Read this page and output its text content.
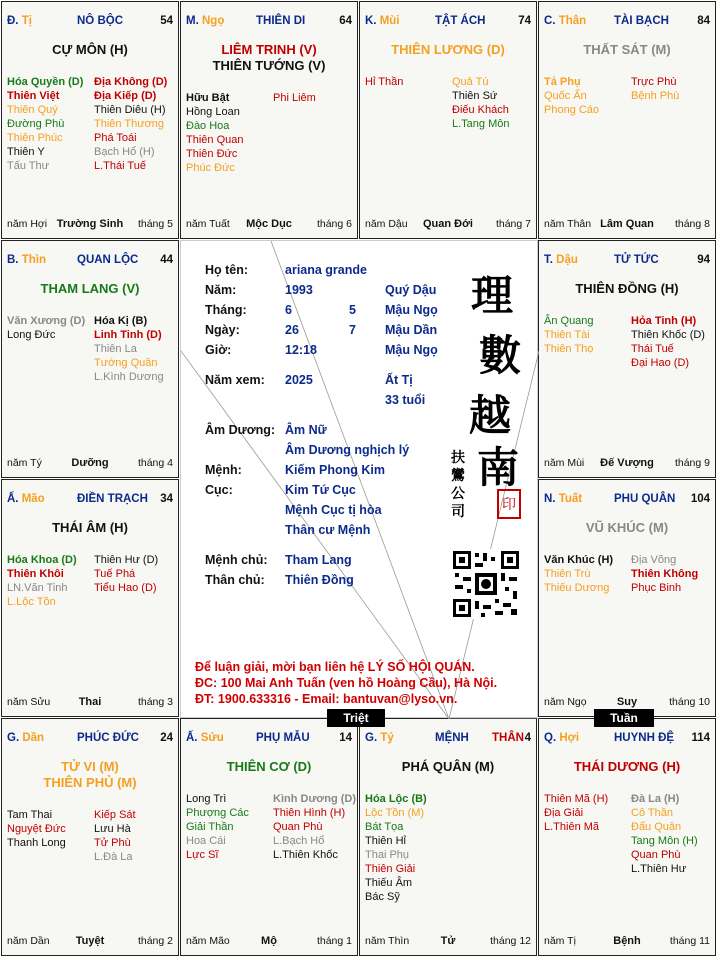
Đ. Tị	NÔ BỘC	54
CỰ MÔN (H)
Hóa Quyền (D)
Thiên Việt
Thiên Quý
Đường Phù
Thiên Phúc
Thiên Y
Tấu Thư
Địa Không (D)
Địa Kiếp (D)
Thiên Diêu (H)
Thiên Thương
Phá Toái
Bạch Hổ (H)
L.Thái Tuế
năm Hợi Trường Sinh	tháng 5
M. Ngọ	THIÊN DI	64
LIÊM TRINH (V)
THIÊN TƯỚNG (V)
Hữu Bật
Hồng Loan
Đào Hoa
Thiên Quan
Thiên Đức
Phúc Đức
Phi Liêm
năm Tuất	Mộc Dục	tháng 6
K. Mùi	TẬT ÁCH	74
THIÊN LƯƠNG (D)
Hỉ Thần	Quả Tú
Thiên Sứ
Điếu Khách
L.Tang Môn
năm Dậu	Quan Đới	tháng 7
C. Thân TÀI BẠCH 84
THẤT SÁT (M)
Tả Phụ
Quốc Ấn
Phong Cáo
Trực Phù
Bệnh Phù
năm Thân Lâm Quan	tháng 8
B. Thìn	QUAN LỘC 44
THAM LANG (V)
Văn Xương (D)
Long Đức
Hóa Kị (B)
Linh Tinh (D)
Thiên La
Tướng Quân
L.Kình Dương
năm Tý	Dưỡng	tháng 4
T. Dậu	TỬ TỨC	94
THIÊN ĐỒNG (H)
Ân Quang
Thiên Tài
Thiên Thọ
Hỏa Tinh (H)
Thiên Khốc (D)
Thái Tuế
Đại Hao (D)
năm Mùi	Đế Vượng	tháng 9
Ấ. Mão	ĐIỀN TRẠCH 34
THÁI ÂM (H)
Hóa Khoa (D)
Thiên Khôi
LN.Văn Tinh
L.Lộc Tồn
Thiên Hư (D)
Tuế Phá
Tiểu Hao (D)
năm Sửu	Thai	tháng 3
N. Tuất	PHU QUÂN 104
VŨ KHÚC (M)
Văn Khúc (H)
Thiên Trù
Thiếu Dương
Địa Võng
Thiên Không
Phục Binh
năm Ngọ	Suy	tháng 10
G. Dần	PHÚC ĐỨC 24
TỬ VI (M)
THIÊN PHỦ (M)
Tam Thai
Nguyệt Đức
Thanh Long
Kiếp Sát
Lưu Hà
Tử Phù
L.Đà La
năm Dần	Tuyệt	tháng 2
Ấ. Sửu	PHỤ MẪU	14
THIÊN CƠ (D)
Long Trì
Phượng Các
Giải Thần
Hoa Cái
Lực Sĩ
Kình Dương (D)
Thiên Hình (H)
Quan Phù
L.Bạch Hổ
L.Thiên Khốc
năm Mão	Mộ	tháng 1
G. Tý	MỆNH THÂN 4
PHÁ QUÂN (M)
Hóa Lộc (B)
Lộc Tồn (M)
Bát Tọa
Thiên Hỉ
Thai Phụ
Thiên Giải
Thiếu Âm
Bác Sỹ
năm Thìn	Tử	tháng 12
Q. Hợi	HUYNH ĐỆ 114
THÁI DƯƠNG (H)
Thiên Mã (H)
Địa Giải
L.Thiên Mã
Đà La (H)
Cô Thần
Đẩu Quân
Tang Môn (H)
Quan Phù
L.Thiên Hư
năm Tị	Bệnh	tháng 11
Họ tên:	ariana grande
Năm:	1993	Quý Dậu
Tháng:	6	5 Mậu Ngọ
Ngày:	26	7 Mậu Dần
Giờ:	12:18	Mậu Ngọ
Năm xem: 2025	Ất Tị
33 tuổi
Âm Dương: Âm Nữ
Âm Dương nghịch lý
Mệnh:	Kiếm Phong Kim
Cục:	Kim Tứ Cục
Mệnh Cục tị hòa
Thân cư Mệnh
Mệnh chủ: Tham Lang
Thân chủ: Thiên Đồng
理
數
越
南
扶
鸞
公
司	印
Để luận giải, mời bạn liên hệ LÝ SỐ HỘI QUÁN.
ĐC: 100 Mai Anh Tuấn (ven hồ Hoàng Cầu), Hà Nội.
ĐT: 1900.633316 - Email: bantuvan@lyso.vn.
Triệt	Tuần
